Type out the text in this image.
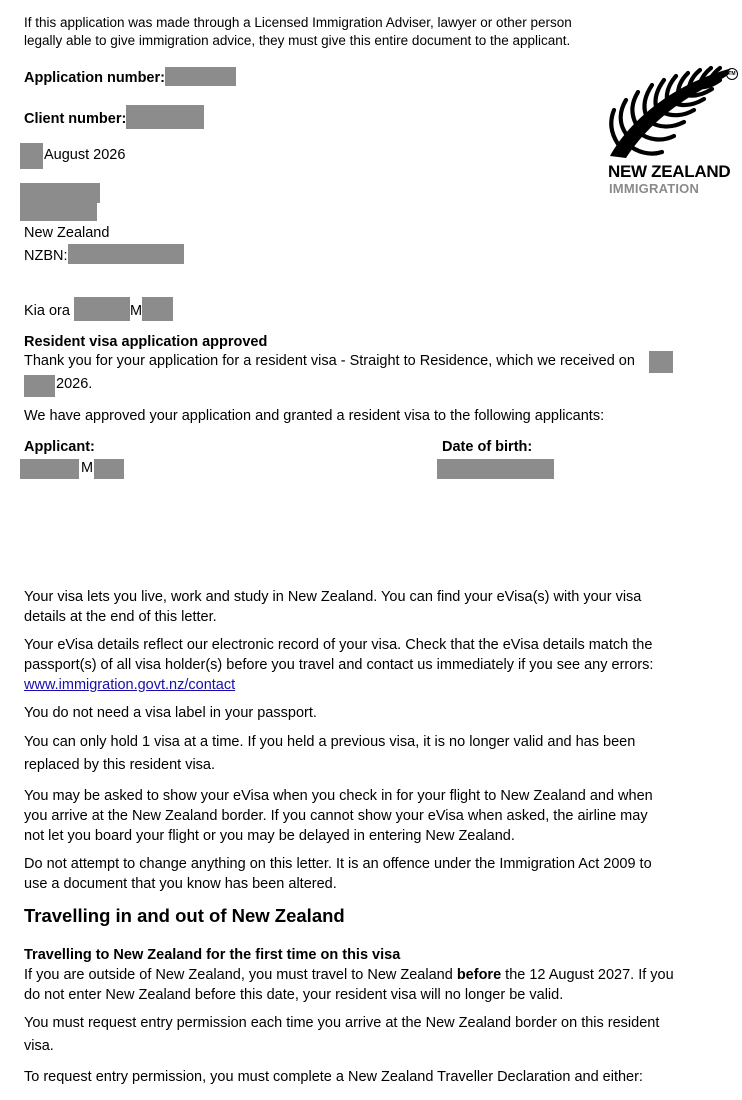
If this application was made through a Licensed Immigration Adviser, lawyer or other person
legally able to give immigration advice, they must give this entire document to the applicant.
TM
NEW ZEALAND
IMMIGRATION
Application number:
Client number:
August 2026
New Zealand
NZBN:
Kia ora	M
Resident visa application approved
Thank you for your application for a resident visa - Straight to Residence, which we received on
2026.
We have approved your application and granted a resident visa to the following applicants:
Applicant:	Date of birth:
M
Your visa lets you live, work and study in New Zealand. You can find your eVisa(s) with your visa
details at the end of this letter.
Your eVisa details reflect our electronic record of your visa. Check that the eVisa details match the
passport(s) of all visa holder(s) before you travel and contact us immediately if you see any errors:
www.immigration.govt.nz/contact
You do not need a visa label in your passport.
You can only hold 1 visa at a time. If you held a previous visa, it is no longer valid and has been
replaced by this resident visa.
You may be asked to show your eVisa when you check in for your flight to New Zealand and when
you arrive at the New Zealand border. If you cannot show your eVisa when asked, the airline may
not let you board your flight or you may be delayed in entering New Zealand.
Do not attempt to change anything on this letter. It is an offence under the Immigration Act 2009 to
use a document that you know has been altered.
Travelling in and out of New Zealand
Travelling to New Zealand for the first time on this visa
If you are outside of New Zealand, you must travel to New Zealand before the 12 August 2027. If you
do not enter New Zealand before this date, your resident visa will no longer be valid.
You must request entry permission each time you arrive at the New Zealand border on this resident
visa.
To request entry permission, you must complete a New Zealand Traveller Declaration and either:
